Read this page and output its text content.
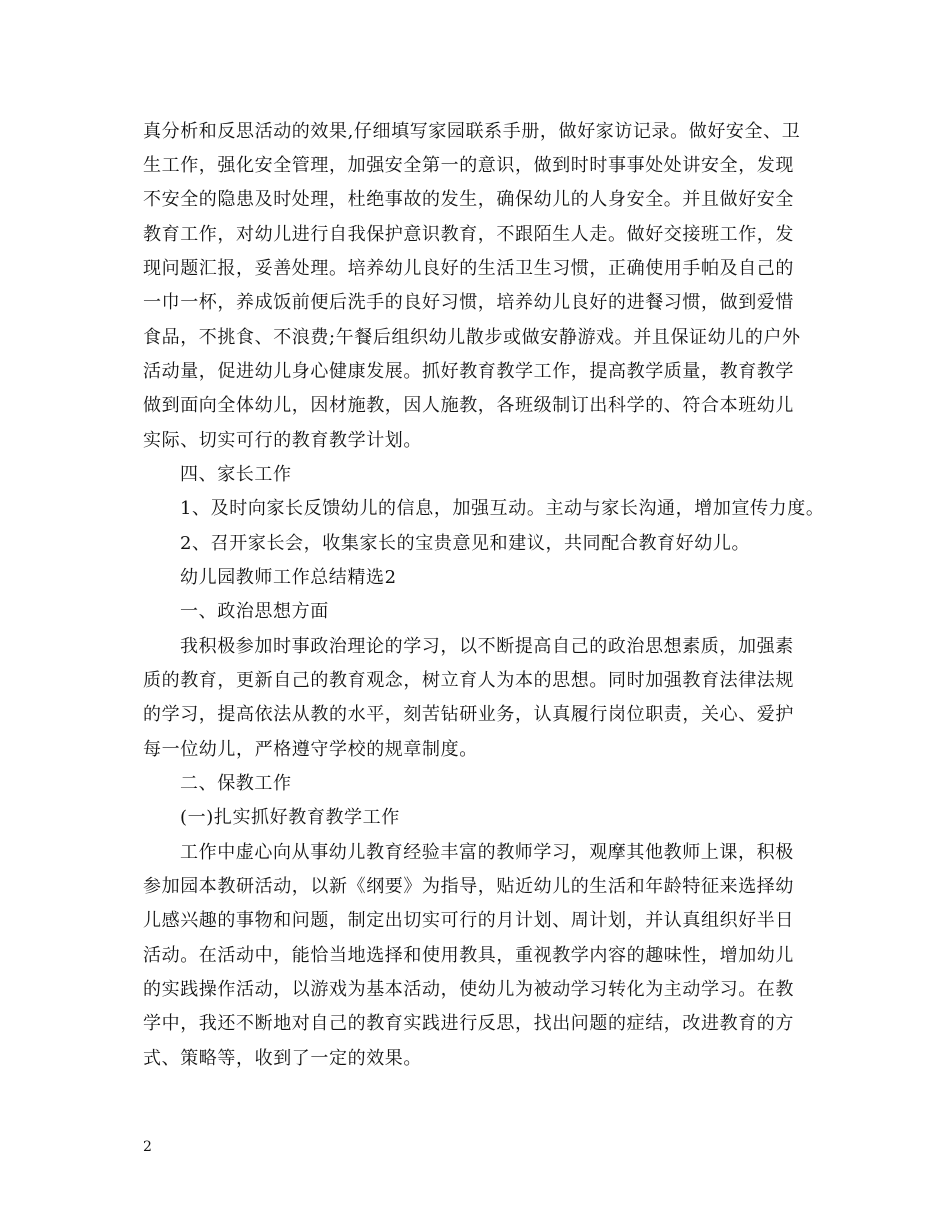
真分析和反思活动的效果,仔细填写家园联系手册，做好家访记录。做好安全、卫
生工作，强化安全管理，加强安全第一的意识，做到时时事事处处讲安全，发现
不安全的隐患及时处理，杜绝事故的发生，确保幼儿的人身安全。并且做好安全
教育工作，对幼儿进行自我保护意识教育，不跟陌生人走。做好交接班工作，发
现问题汇报，妥善处理。培养幼儿良好的生活卫生习惯，正确使用手帕及自己的
一巾一杯，养成饭前便后洗手的良好习惯，培养幼儿良好的进餐习惯，做到爱惜
食品，不挑食、不浪费;午餐后组织幼儿散步或做安静游戏。并且保证幼儿的户外
活动量，促进幼儿身心健康发展。抓好教育教学工作，提高教学质量，教育教学
做到面向全体幼儿，因材施教，因人施教，各班级制订出科学的、符合本班幼儿
实际、切实可行的教育教学计划。
四、家长工作
1、及时向家长反馈幼儿的信息，加强互动。主动与家长沟通，增加宣传力度。
2、召开家长会，收集家长的宝贵意见和建议，共同配合教育好幼儿。
幼儿园教师工作总结精选2
一、政治思想方面
我积极参加时事政治理论的学习，以不断提高自己的政治思想素质，加强素
质的教育，更新自己的教育观念，树立育人为本的思想。同时加强教育法律法规
的学习，提高依法从教的水平，刻苦钻研业务，认真履行岗位职责，关心、爱护
每一位幼儿，严格遵守学校的规章制度。
二、保教工作
(一)扎实抓好教育教学工作
工作中虚心向从事幼儿教育经验丰富的教师学习，观摩其他教师上课，积极
参加园本教研活动，以新《纲要》为指导，贴近幼儿的生活和年龄特征来选择幼
儿感兴趣的事物和问题，制定出切实可行的月计划、周计划，并认真组织好半日
活动。在活动中，能恰当地选择和使用教具，重视教学内容的趣味性，增加幼儿
的实践操作活动，以游戏为基本活动，使幼儿为被动学习转化为主动学习。在教
学中，我还不断地对自己的教育实践进行反思，找出问题的症结，改进教育的方
式、策略等，收到了一定的效果。
2
